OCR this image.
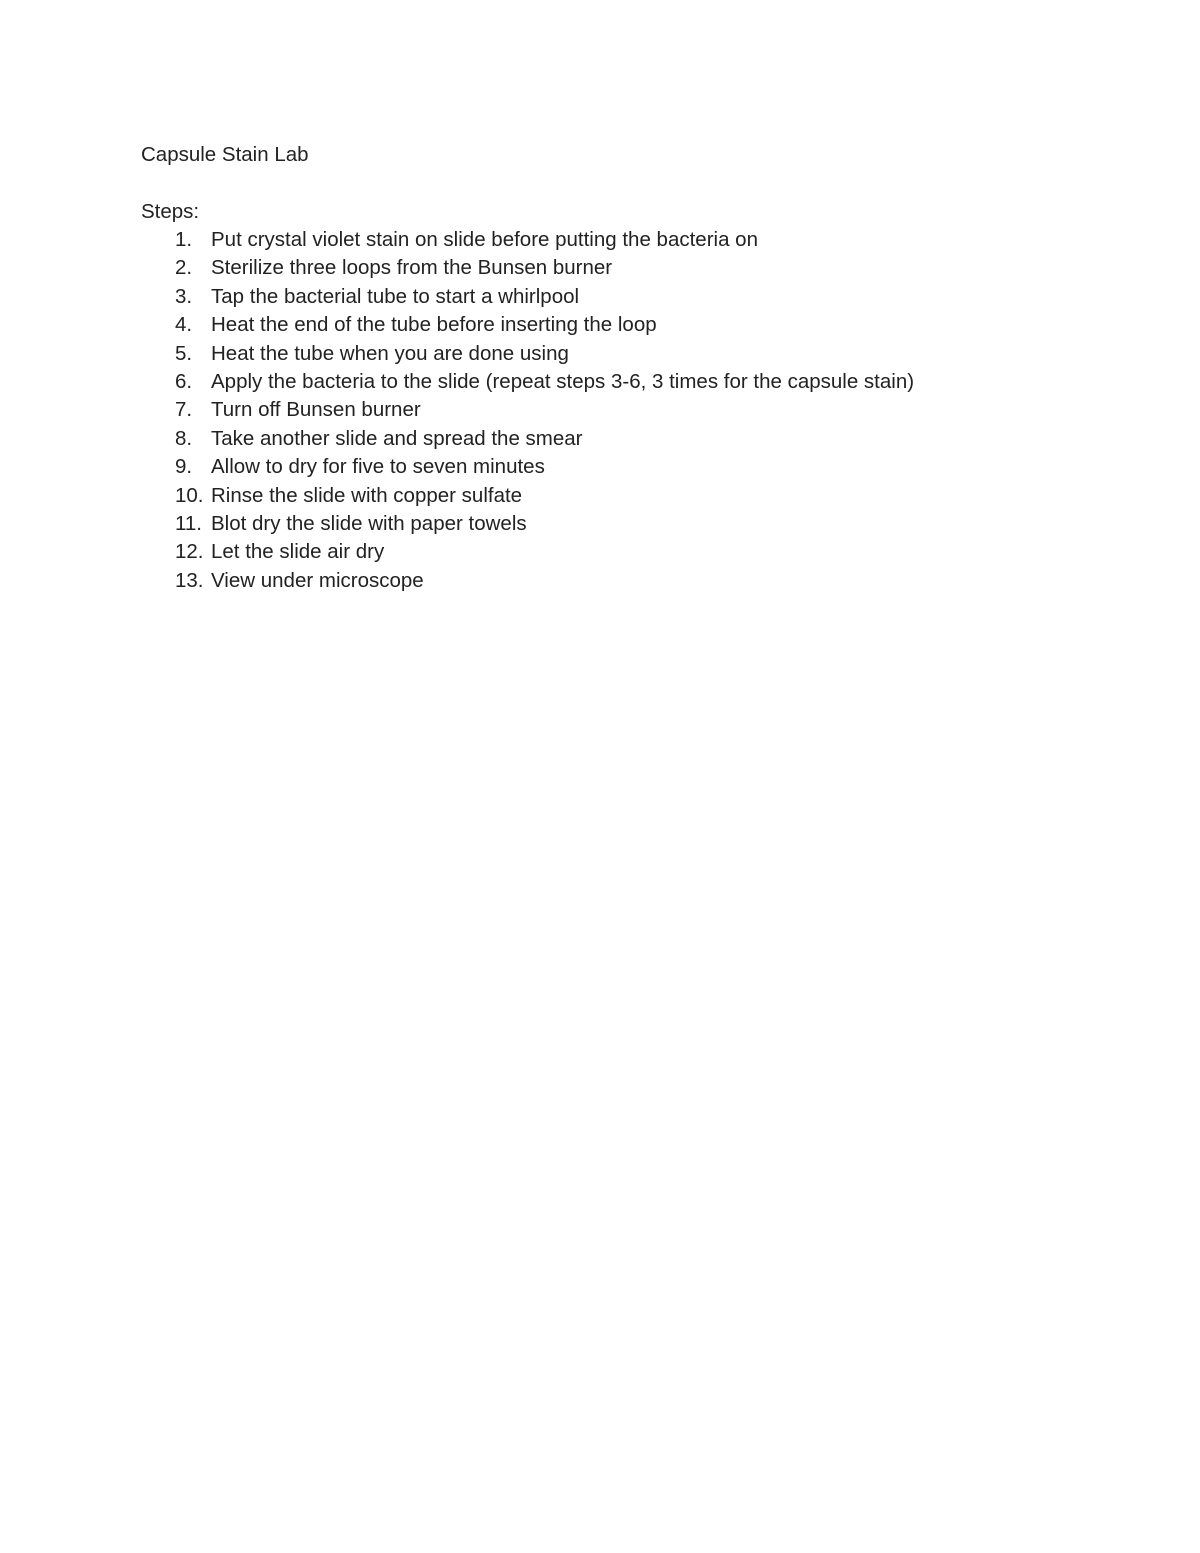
Capsule Stain Lab

Steps:

1. Put crystal violet stain on slide before putting the bacteria on
2. Sterilize three loops from the Bunsen burner
3. Tap the bacterial tube to start a whirlpool
4. Heat the end of the tube before inserting the loop
5. Heat the tube when you are done using
6. Apply the bacteria to the slide (repeat steps 3-6, 3 times for the capsule stain)
7. Turn off Bunsen burner
8. Take another slide and spread the smear
9. Allow to dry for five to seven minutes
10. Rinse the slide with copper sulfate
11. Blot dry the slide with paper towels
12. Let the slide air dry
13. View under microscope
